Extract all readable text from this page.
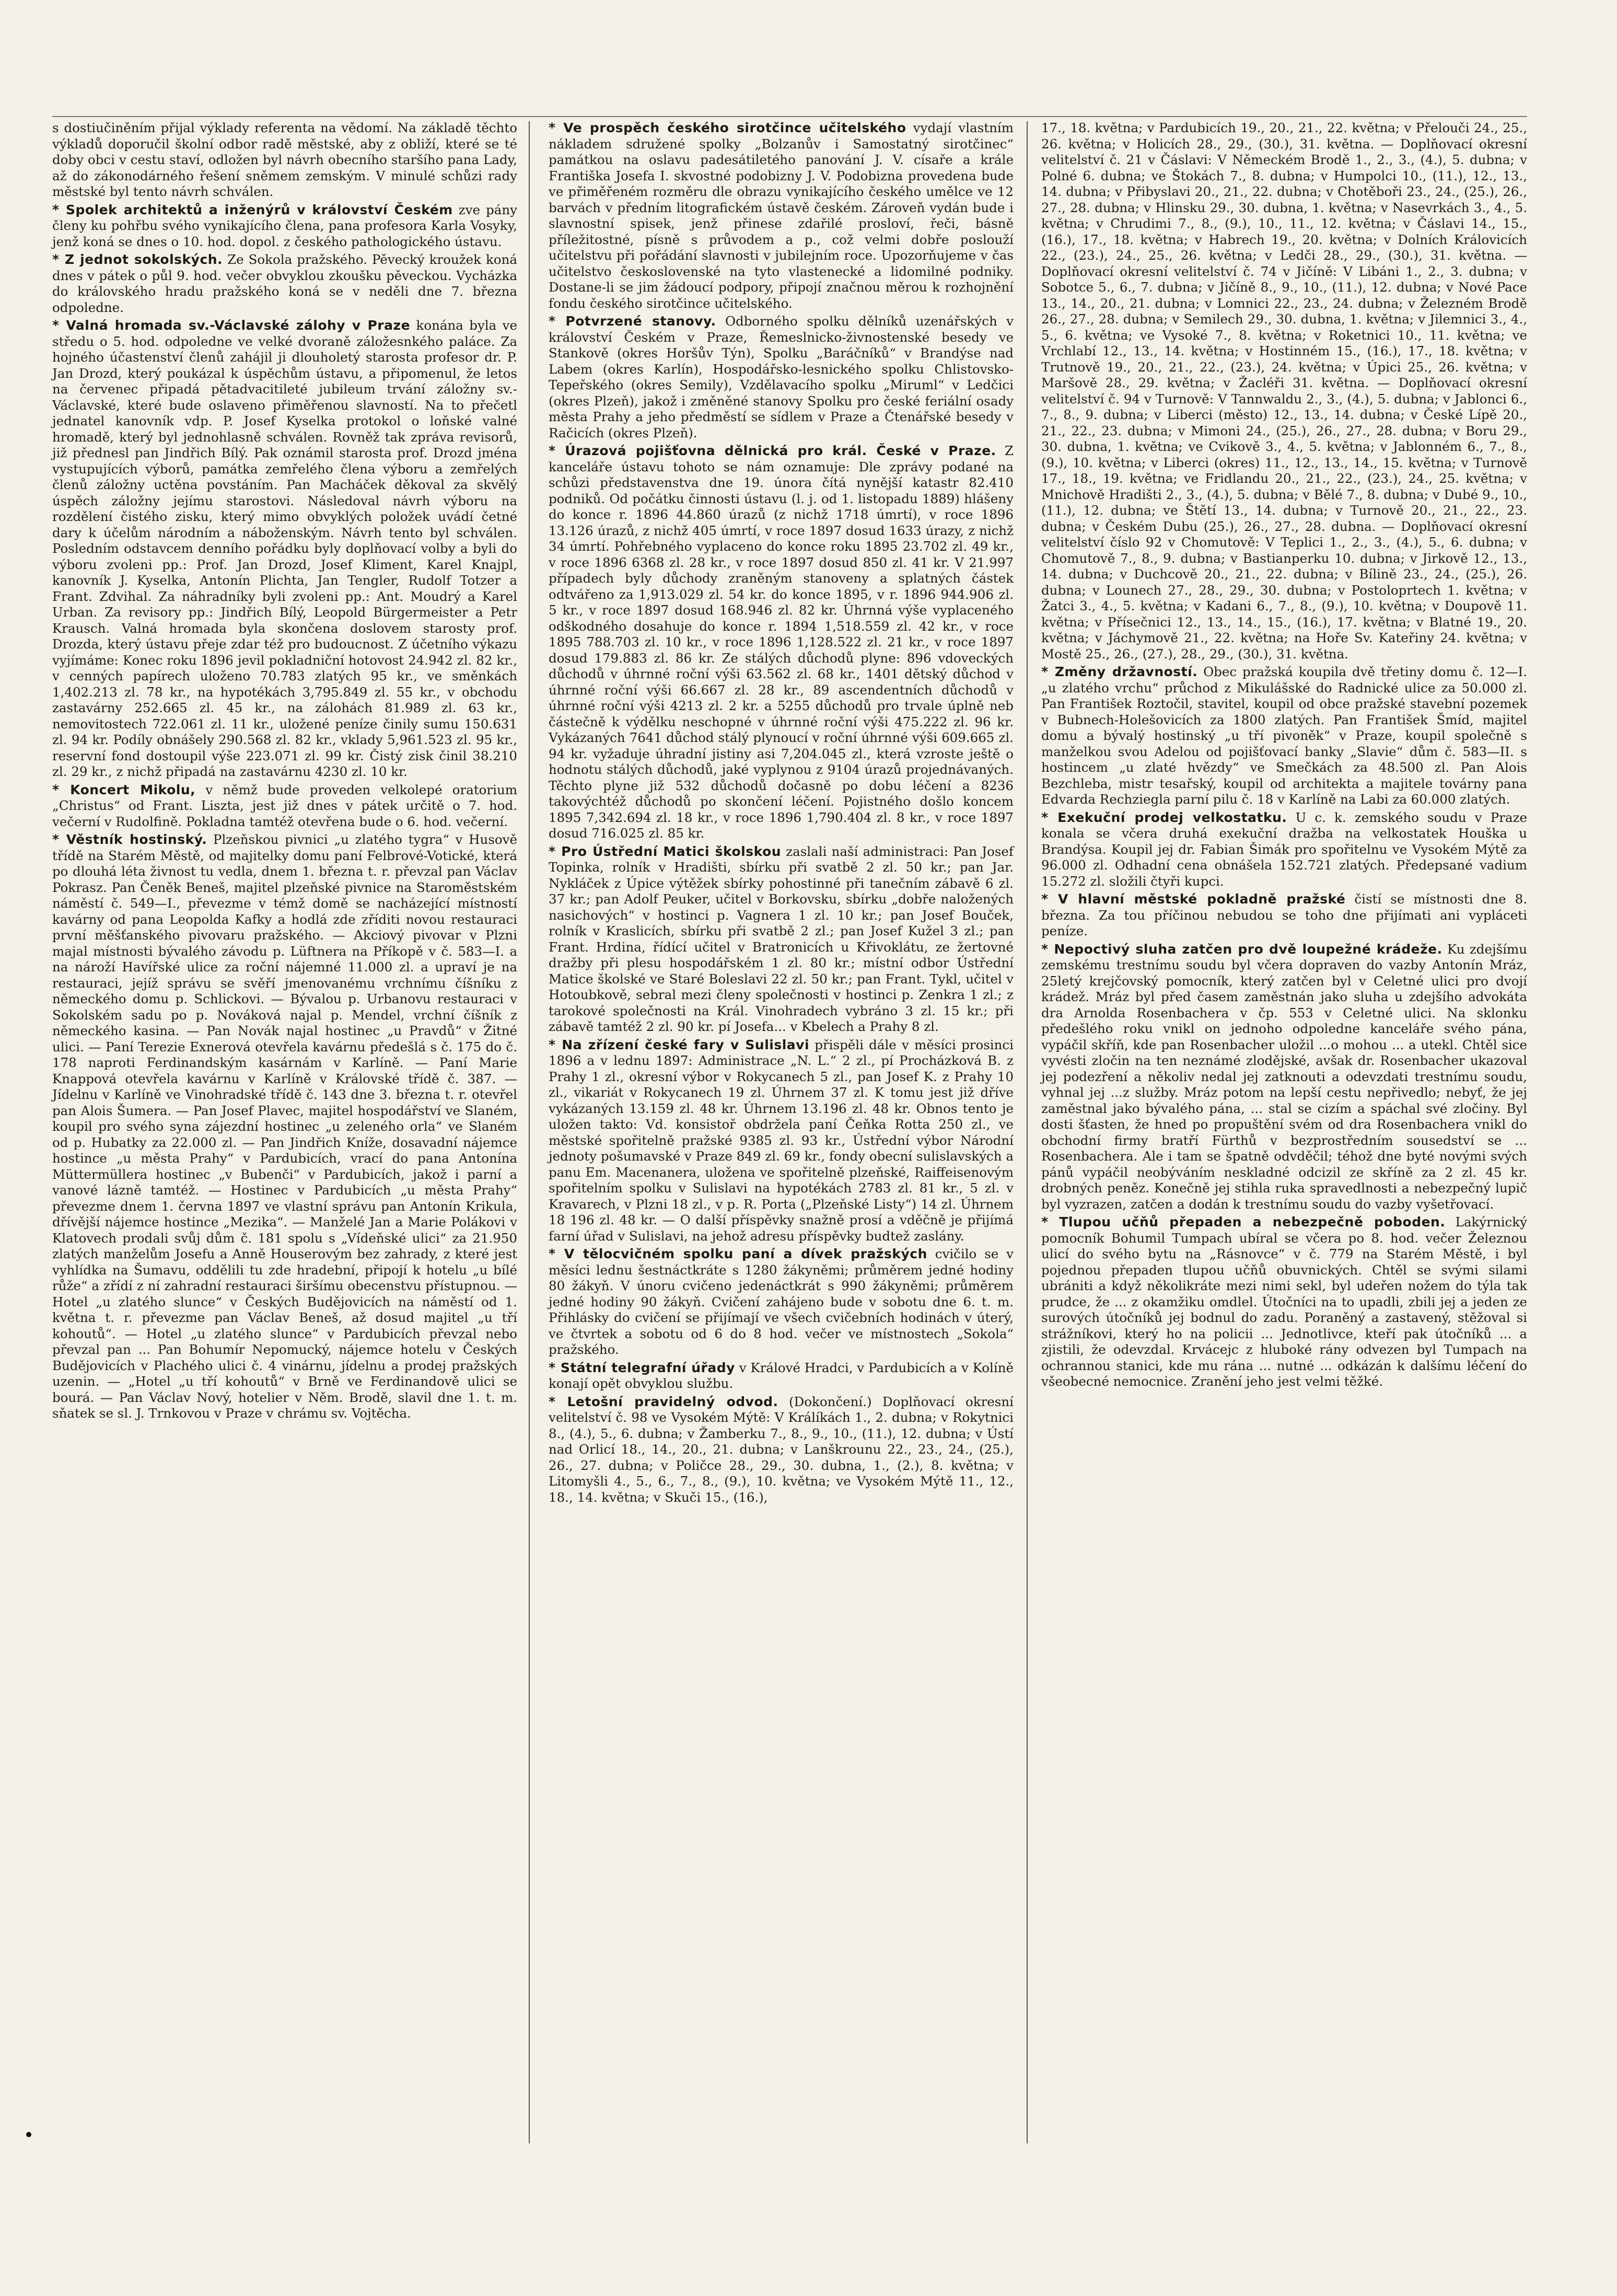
s dostiučiněním přijal výklady referenta na vědomí. Na základě těchto výkladů doporučil školní odbor radě městské, aby z obliží, které se té doby obci v cestu staví, odložen byl návrh obecního staršího pana Lady, až do zákonodárného řešení sněmem zemským. V minulé schůzi rady městské byl tento návrh schválen.

* Spolek architektů a inženýrů v království Českém zve pány členy ku pohřbu svého vynikajícího člena, pana profesora Karla Vosyky, jenž koná se dnes o 10. hod. dopol. z českého pathologického ústavu.

* Z jednot sokolských. Ze Sokola pražského. Pěvecký kroužek koná dnes v pátek o půl 9. hod. večer obvyklou zkoušku pěveckou. Vycházka do královského hradu pražského koná se v neděli dne 7. března odpoledne.

* Valná hromada sv.-Václavské zálohy v Praze konána byla ve středu o 5. hod. odpoledne ve velké dvoraně záložesnkého paláce. Za hojného účastenství členů zahájil ji dlouholetý starosta profesor dr. P. Jan Drozd, který poukázal k úspěchům ústavu, a připomenul, že letos na červenec připadá pětadvacitileté jubileum trvání záložny sv.-Václavské, které bude oslaveno přiměřenou slavností. Na to přečetl jednatel kanovník vdp. P. Josef Kyselka protokol o loňské valné hromadě, který byl jednohlasně schválen. Rovněž tak zpráva revisorů, již přednesl pan Jindřich Bílý. Pak oznámil starosta prof. Drozd jména vystupujících výborů, památka zemřelého člena výboru a zemřelých členů záložny uctěna povstáním. Pan Macháček děkoval za skvělý úspěch záložny jejímu starostovi. Následoval návrh výboru na rozdělení čistého zisku, který mimo obvyklých položek uvádí četné dary k účelům národním a náboženským. Návrh tento byl schválen. Posledním odstavcem denního pořádku byly doplňovací volby a byli do výboru zvoleni pp.: Prof. Jan Drozd, Josef Kliment, Karel Knajpl, kanovník J. Kyselka, Antonín Plichta, Jan Tengler, Rudolf Totzer a Frant. Zdvihal. Za náhradníky byli zvoleni pp.: Ant. Moudrý a Karel Urban. Za revisory pp.: Jindřich Bílý, Leopold Bürgermeister a Petr Krausch. Valná hromada byla skončena doslovem starosty prof. Drozda, který ústavu přeje zdar též pro budoucnost. Z účetního výkazu vyjímáme: Konec roku 1896 jevil pokladniční hotovost 24.942 zl. 82 kr., v cenných papírech uloženo 70.783 zlatých 95 kr., ve směnkách 1,402.213 zl. 78 kr., na hypotékách 3,795.849 zl. 55 kr., v obchodu zastavárny 252.665 zl. 45 kr., na zálohách 81.989 zl. 63 kr., nemovitostech 722.061 zl. 11 kr., uložené peníze činily sumu 150.631 zl. 94 kr. Podíly obnášely 290.568 zl. 82 kr., vklady 5,961.523 zl. 95 kr., reservní fond dostoupil výše 223.071 zl. 99 kr. Čistý zisk činil 38.210 zl. 29 kr., z nichž připadá na zastavárnu 4230 zl. 10 kr.

* Koncert Mikolu, v němž bude proveden velkolepé oratorium „Christus“ od Frant. Liszta, jest již dnes v pátek určitě o 7. hod. večerní v Rudolfině. Pokladna tamtéž otevřena bude o 6. hod. večerní.

* Věstník hostinský. Plzeňskou pivnici „u zlatého tygra“ v Husově třídě na Starém Městě, od majitelky domu paní Felbrové-Votické, která po dlouhá léta živnost tu vedla, dnem 1. března t. r. převzal pan Václav Pokrasz. Pan Čeněk Beneš, majitel plzeňské pivnice na Staroměstském náměstí č. 549—I., převezme v témž domě se nacházející místností kavárny od pana Leopolda Kafky a hodlá zde zříditi novou restauraci první měšťanského pivovaru pražského. — Akciový pivovar v Plzni majal místnosti bývalého závodu p. Lüftnera na Příkopě v č. 583—I. a na nároží Havířské ulice za roční nájemné 11.000 zl. a upraví je na restauraci, jejíž správu se svěří jmenovanému vrchnímu číšníku z německého domu p. Schlickovi. — Bývalou p. Urbanovu restauraci v Sokolském sadu po p. Nováková najal p. Mendel, vrchní číšník z německého kasina. — Pan Novák najal hostinec „u Pravdů“ v Žitné ulici. — Paní Terezie Exnerová otevřela kavárnu předešlá s č. 175 do č. 178 naproti Ferdinandským kasárnám v Karlíně. — Paní Marie Knappová otevřela kavárnu v Karlíně v Královské třídě č. 387. — Jídelnu v Karlíně ve Vinohradské třídě č. 143 dne 3. března t. r. otevřel pan Alois Šumera. — Pan Josef Plavec, majitel hospodářství ve Slaném, koupil pro svého syna zájezdní hostinec „u zeleného orla“ ve Slaném od p. Hubatky za 22.000 zl. — Pan Jindřich Kníže, dosavadní nájemce hostince „u města Prahy“ v Pardubicích, vrací do pana Antonína Müttermüllera hostinec „v Bubenči“ v Pardubicích, jakož i parní a vanové lázně tamtéž. — Hostinec v Pardubicích „u města Prahy“ převezme dnem 1. června 1897 ve vlastní správu pan Antonín Krikula, dřívější nájemce hostince „Mezika“. — Manželé Jan a Marie Polákovi v Klatovech prodali svůj dům č. 181 spolu s „Vídeňské ulici“ za 21.950 zlatých manželům Josefu a Anně Houserovým bez zahrady, z které jest vyhlídka na Šumavu, oddělili tu zde hradební, připojí k hotelu „u bílé růže“ a zřídí z ní zahradní restauraci širšímu obecenstvu přístupnou. — Hotel „u zlatého slunce“ v Českých Budějovicích na náměstí od 1. května t. r. převezme pan Václav Beneš, až dosud majitel „u tří kohoutů“. — Hotel „u zlatého slunce“ v Pardubicích převzal nebo převzal pan ... Pan Bohumír Nepomucký, nájemce hotelu v Českých Budějovicích v Plachého ulici č. 4 vinárnu, jídelnu a prodej pražských uzenin. — „Hotel „u tří kohoutů“ v Brně ve Ferdinandově ulici se bourá. — Pan Václav Nový, hotelier v Něm. Brodě, slavil dne 1. t. m. sňatek se sl. J. Trnkovou v Praze v chrámu sv. Vojtěcha.

* Ve prospěch českého sirotčince učitelského vydají vlastním nákladem sdružené spolky „Bolzanův i Samostatný sirotčinec“ památkou na oslavu padesátiletého panování J. V. císaře a krále Františka Josefa I. skvostné podobizny J. V. Podobizna provedena bude ve přiměřeném rozměru dle obrazu vynikajícího českého umělce ve 12 barvách v předním litografickém ústavě českém. Zároveň vydán bude i slavnostní spisek, jenž přinese zdařilé prosloví, řeči, básně příležitostné, písně s průvodem a p., což velmi dobře poslouží učitelstvu při pořádání slavnosti v jubilejním roce. Upozorňujeme v čas učitelstvo československé na tyto vlastenecké a lidomilné podniky. Dostane-li se jim žádoucí podpory, připojí značnou měrou k rozhojnění fondu českého sirotčince učitelského.

* Potvrzené stanovy. Odborného spolku dělníků uzenářských v království Českém v Praze, Řemeslnicko-živnostenské besedy ve Stankově (okres Horšův Týn), Spolku „Baráčníků“ v Brandýse nad Labem (okres Karlín), Hospodářsko-lesnického spolku Chlistovsko-Tepeřského (okres Semily), Vzdělavacího spolku „Miruml“ v Ledčici (okres Plzeň), jakož i změněné stanovy Spolku pro české feriální osady města Prahy a jeho předměstí se sídlem v Praze a Čtenářské besedy v Račicích (okres Plzeň).

* Úrazová pojišťovna dělnická pro král. České v Praze. Z kanceláře ústavu tohoto se nám oznamuje: Dle zprávy podané na schůzi představenstva dne 19. února čítá nynější katastr 82.410 podniků. Od počátku činnosti ústavu (l. j. od 1. listopadu 1889) hlášeny do konce r. 1896 44.860 úrazů (z nichž 1718 úmrtí), v roce 1896 13.126 úrazů, z nichž 405 úmrtí, v roce 1897 dosud 1633 úrazy, z nichž 34 úmrtí. Pohřebného vyplaceno do konce roku 1895 23.702 zl. 49 kr., v roce 1896 6368 zl. 28 kr., v roce 1897 dosud 850 zl. 41 kr. V 21.997 případech byly důchody zraněným stanoveny a splatných částek odtvářeno za 1,913.029 zl. 54 kr. do konce 1895, v r. 1896 944.906 zl. 5 kr., v roce 1897 dosud 168.946 zl. 82 kr. Úhrnná výše vyplaceného odškodného dosahuje do konce r. 1894 1,518.559 zl. 42 kr., v roce 1895 788.703 zl. 10 kr., v roce 1896 1,128.522 zl. 21 kr., v roce 1897 dosud 179.883 zl. 86 kr. Ze stálých důchodů plyne: 896 vdoveckých důchodů v úhrnné roční výši 63.562 zl. 68 kr., 1401 dětský důchod v úhrnné roční výši 66.667 zl. 28 kr., 89 ascendentních důchodů v úhrnné roční výši 4213 zl. 2 kr. a 5255 důchodů pro trvale úplně neb částečně k výdělku neschopné v úhrnné roční výši 475.222 zl. 96 kr. Vykázaných 7641 důchod stálý plynoucí v roční úhrnné výši 609.665 zl. 94 kr. vyžaduje úhradní jistiny asi 7,204.045 zl., která vzroste ještě o hodnotu stálých důchodů, jaké vyplynou z 9104 úrazů projednávaných. Těchto plyne již 532 důchodů dočasně po dobu léčení a 8236 takovýchtéž důchodů po skončení léčení. Pojistného došlo koncem 1895 7,342.694 zl. 18 kr., v roce 1896 1,790.404 zl. 8 kr., v roce 1897 dosud 716.025 zl. 85 kr.

* Pro Ústřední Matici školskou zaslali naší administraci: Pan Josef Topinka, rolník v Hradišti, sbírku při svatbě 2 zl. 50 kr.; pan Jar. Nykláček z Úpice výtěžek sbírky pohostinné při tanečním zábavě 6 zl. 37 kr.; pan Adolf Peuker, učitel v Borkovsku, sbírku „dobře naložených nasichových“ v hostinci p. Vagnera 1 zl. 10 kr.; pan Josef Bouček, rolník v Kraslicích, sbírku při svatbě 2 zl.; pan Josef Kužel 3 zl.; pan Frant. Hrdina, řídící učitel v Bratronicích u Křivoklátu, ze žertovné dražby při plesu hospodářském 1 zl. 80 kr.; místní odbor Ústřední Matice školské ve Staré Boleslavi 22 zl. 50 kr.; pan Frant. Tykl, učitel v Hotoubkově, sebral mezi členy společnosti v hostinci p. Zenkra 1 zl.; z tarokové společnosti na Král. Vinohradech vybráno 3 zl. 15 kr.; při zábavě tamtéž 2 zl. 90 kr. pí Josefa... v Kbelech a Prahy 8 zl.

* Na zřízení české fary v Sulislavi přispěli dále v měsíci prosinci 1896 a v lednu 1897: Administrace „N. L.“ 2 zl., pí Procházková B. z Prahy 1 zl., okresní výbor v Rokycanech 5 zl., pan Josef K. z Prahy 10 zl., vikariát v Rokycanech 19 zl. Úhrnem 37 zl. K tomu jest již dříve vykázaných 13.159 zl. 48 kr. Úhrnem 13.196 zl. 48 kr. Obnos tento je uložen takto: Vd. konsistoř obdržela paní Čeňka Rotta 250 zl., ve městské spořitelně pražské 9385 zl. 93 kr., Ústřední výbor Národní jednoty pošumavské v Praze 849 zl. 69 kr., fondy obecní sulislavských a panu Em. Macenanera, uložena ve spořitelně plzeňské, Raiffeisenovým spořitelním spolku v Sulislavi na hypotékách 2783 zl. 81 kr., 5 zl. v Kravarech, v Plzni 18 zl., v p. R. Porta („Plzeňské Listy“) 14 zl. Úhrnem 18 196 zl. 48 kr. — O další příspěvky snažně prosí a vděčně je přijímá farní úřad v Sulislavi, na jehož adresu příspěvky budtež zaslány.

* V tělocvičném spolku paní a dívek pražských cvičilo se v měsíci lednu šestnáctkráte s 1280 žákyněmi; průměrem jedné hodiny 80 žákyň. V únoru cvičeno jedenáctkrát s 990 žákyněmi; průměrem jedné hodiny 90 žákyň. Cvičení zahájeno bude v sobotu dne 6. t. m. Přihlásky do cvičení se přijímají ve všech cvičebních hodinách v úterý, ve čtvrtek a sobotu od 6 do 8 hod. večer ve místnostech „Sokola“ pražského.

* Státní telegrafní úřady v Králové Hradci, v Pardubicích a v Kolíně konají opět obvyklou službu.

* Letošní pravidelný odvod. (Dokončení.) Doplňovací okresní velitelství č. 98 ve Vysokém Mýtě: V Králíkách 1., 2. dubna; v Rokytnici 8., (4.), 5., 6. dubna; v Žamberku 7., 8., 9., 10., (11.), 12. dubna; v Ústí nad Orlicí 18., 14., 20., 21. dubna; v Lanškrounu 22., 23., 24., (25.), 26., 27. dubna; v Poličce 28., 29., 30. dubna, 1., (2.), 8. května; v Litomyšli 4., 5., 6., 7., 8., (9.), 10. května; ve Vysokém Mýtě 11., 12., 18., 14. května; v Skuči 15., (16.),

17., 18. května; v Pardubicích 19., 20., 21., 22. května; v Přelouči 24., 25., 26. května; v Holicích 28., 29., (30.), 31. května. — Doplňovací okresní velitelství č. 21 v Čáslavi: V Německém Brodě 1., 2., 3., (4.), 5. dubna; v Polné 6. dubna; ve Štokách 7., 8. dubna; v Humpolci 10., (11.), 12., 13., 14. dubna; v Přibyslavi 20., 21., 22. dubna; v Chotěboři 23., 24., (25.), 26., 27., 28. dubna; v Hlinsku 29., 30. dubna, 1. května; v Nasevrkách 3., 4., 5. května; v Chrudimi 7., 8., (9.), 10., 11., 12. května; v Čáslavi 14., 15., (16.), 17., 18. května; v Habrech 19., 20. května; v Dolních Královicích 22., (23.), 24., 25., 26. května; v Ledči 28., 29., (30.), 31. května. — Doplňovací okresní velitelství č. 74 v Jičíně: V Libáni 1., 2., 3. dubna; v Sobotce 5., 6., 7. dubna; v Jičíně 8., 9., 10., (11.), 12. dubna; v Nové Pace 13., 14., 20., 21. dubna; v Lomnici 22., 23., 24. dubna; v Železném Brodě 26., 27., 28. dubna; v Semilech 29., 30. dubna, 1. května; v Jilemnici 3., 4., 5., 6. května; ve Vysoké 7., 8. května; v Roketnici 10., 11. května; ve Vrchlabí 12., 13., 14. května; v Hostinném 15., (16.), 17., 18. května; v Trutnově 19., 20., 21., 22., (23.), 24. května; v Úpici 25., 26. května; v Maršově 28., 29. května; v Žacléři 31. května. — Doplňovací okresní velitelství č. 94 v Turnově: V Tannwaldu 2., 3., (4.), 5. dubna; v Jablonci 6., 7., 8., 9. dubna; v Liberci (město) 12., 13., 14. dubna; v České Lípě 20., 21., 22., 23. dubna; v Mimoni 24., (25.), 26., 27., 28. dubna; v Boru 29., 30. dubna, 1. května; ve Cvikově 3., 4., 5. května; v Jablonném 6., 7., 8., (9.), 10. května; v Liberci (okres) 11., 12., 13., 14., 15. května; v Turnově 17., 18., 19. května; ve Fridlandu 20., 21., 22., (23.), 24., 25. května; v Mnichově Hradišti 2., 3., (4.), 5. dubna; v Bělé 7., 8. dubna; v Dubé 9., 10., (11.), 12. dubna; ve Štětí 13., 14. dubna; v Turnově 20., 21., 22., 23. dubna; v Českém Dubu (25.), 26., 27., 28. dubna. — Doplňovací okresní velitelství číslo 92 v Chomutově: V Teplici 1., 2., 3., (4.), 5., 6. dubna; v Chomutově 7., 8., 9. dubna; v Bastianperku 10. dubna; v Jirkově 12., 13., 14. dubna; v Duchcově 20., 21., 22. dubna; v Bílině 23., 24., (25.), 26. dubna; v Lounech 27., 28., 29., 30. dubna; v Postoloprtech 1. května; v Žatci 3., 4., 5. května; v Kadani 6., 7., 8., (9.), 10. května; v Doupově 11. května; v Přísečnici 12., 13., 14., 15., (16.), 17. května; v Blatné 19., 20. května; v Jáchymově 21., 22. května; na Hoře Sv. Kateřiny 24. května; v Mostě 25., 26., (27.), 28., 29., (30.), 31. května.

* Změny državností. Obec pražská koupila dvě třetiny domu č. 12—I. „u zlatého vrchu“ průchod z Mikulášské do Radnické ulice za 50.000 zl. Pan František Roztočil, stavitel, koupil od obce pražské stavební pozemek v Bubnech-Holešovicích za 1800 zlatých. Pan František Šmíd, majitel domu a bývalý hostinský „u tří pivoněk“ v Praze, koupil společně s manželkou svou Adelou od pojišťovací banky „Slavie“ dům č. 583—II. s hostincem „u zlaté hvězdy“ ve Smečkách za 48.500 zl. Pan Alois Bezchleba, mistr tesařský, koupil od architekta a majitele továrny pana Edvarda Rechziegla parní pilu č. 18 v Karlíně na Labi za 60.000 zlatých.

* Exekuční prodej velkostatku. U c. k. zemského soudu v Praze konala se včera druhá exekuční dražba na velkostatek Houška u Brandýsa. Koupil jej dr. Fabian Šimák pro spořitelnu ve Vysokém Mýtě za 96.000 zl. Odhadní cena obnášela 152.721 zlatých. Předepsané vadium 15.272 zl. složili čtyři kupci.

* V hlavní městské pokladně pražské čistí se místnosti dne 8. března. Za tou příčinou nebudou se toho dne přijímati ani vypláceti peníze.

* Nepoctivý sluha zatčen pro dvě loupežné krádeže. Ku zdejšímu zemskému trestnímu soudu byl včera dopraven do vazby Antonín Mráz, 25letý krejčovský pomocník, který zatčen byl v Celetné ulici pro dvojí krádež. Mráz byl před časem zaměstnán jako sluha u zdejšího advokáta dra Arnolda Rosenbachera v čp. 553 v Celetné ulici. Na sklonku předešlého roku vnikl on jednoho odpoledne kanceláře svého pána, vypáčil skříň, kde pan Rosenbacher uložil ...o mohou ... a utekl. Chtěl sice vyvésti zločin na ten neznámé zlodějské, avšak dr. Rosenbacher ukazoval jej podezření a několiv nedal jej zatknouti a odevzdati trestnímu soudu, vyhnal jej ...z služby. Mráz potom na lepší cestu nepřivedlo; nebyť, že jej zaměstnal jako bývalého pána, ... stal se cizím a spáchal své zločiny. Byl dosti šťasten, že hned po propuštění svém od dra Rosenbachera vnikl do obchodní firmy bratří Fürthů v bezprostředním sousedství se ... Rosenbachera. Ale i tam se špatně odvděčil; téhož dne byté novými svých pánů vypáčil neobýváním neskladné odcizil ze skříně za 2 zl. 45 kr. drobných peněz. Konečně jej stihla ruka spravedlnosti a nebezpečný lupič byl vyzrazen, zatčen a dodán k trestnímu soudu do vazby vyšetřovací.

* Tlupou učňů přepaden a nebezpečně poboden. Lakýrnický pomocník Bohumil Tumpach ubíral se včera po 8. hod. večer Železnou ulicí do svého bytu na „Rásnovce“ v č. 779 na Starém Městě, i byl pojednou přepaden tlupou učňů obuvnických. Chtěl se svými silami ubrániti a když několikráte mezi nimi sekl, byl udeřen nožem do týla tak prudce, že ... z okamžiku omdlel. Útočníci na to upadli, zbili jej a jeden ze surových útočníků jej bodnul do zadu. Poraněný a zastavený, stěžoval si strážníkovi, který ho na policii ... Jednotlivce, kteří pak útočníků ... a zjistili, že odevzdal. Krvácejc z hluboké rány odvezen byl Tumpach na ochrannou stanici, kde mu rána ... nutné ... odkázán k dalšímu léčení do všeobecné nemocnice. Zranění jeho jest velmi těžké.
